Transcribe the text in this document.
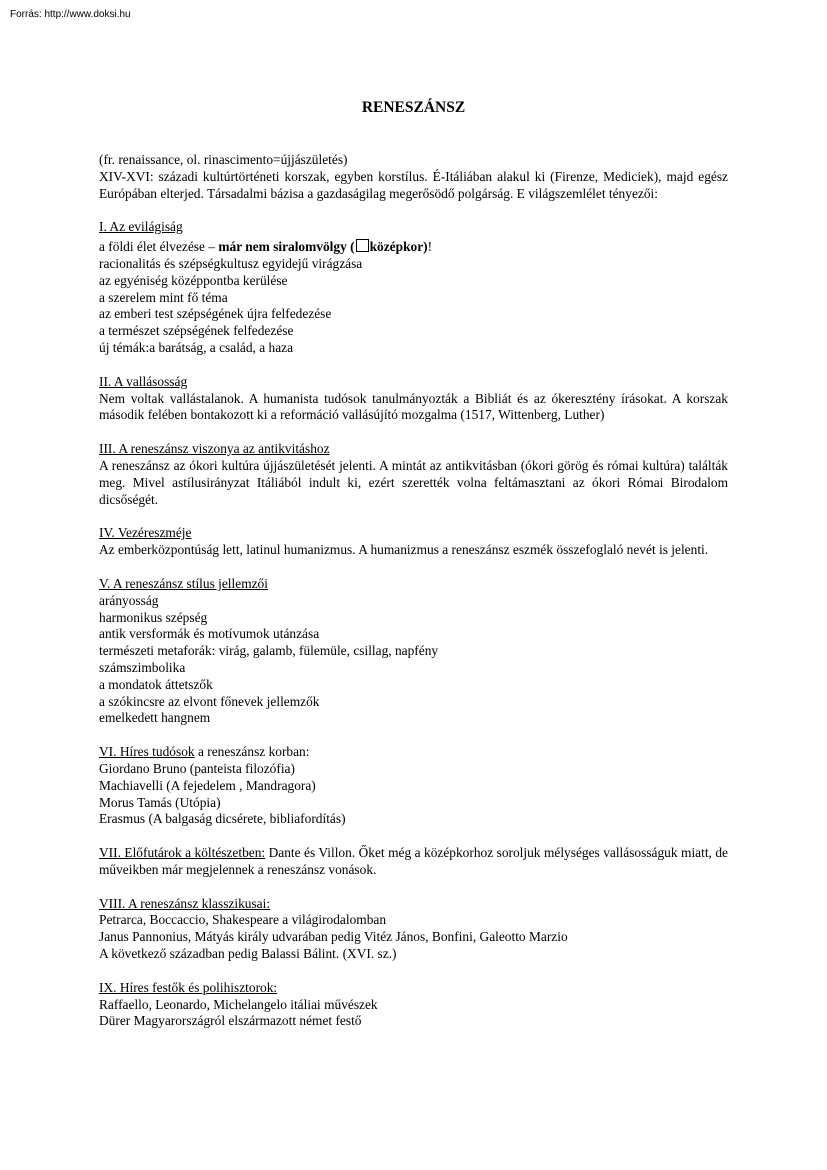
Forrás: http://www.doksi.hu
RENESZÁNSZ

(fr. renaissance, ol. rinascimento=újjászületés)

XIV-XVI: századi kultúrtörténeti korszak, egyben korstílus. É-Itáliában alakul ki (Firenze, Mediciek), majd egész Európában elterjed. Társadalmi bázisa a gazdaságilag megerősödő polgárság. E világszemlélet tényezői:

I. Az evilágiság

a földi élet élvezése – már nem siralomvölgy ( középkor)!

racionalitás és szépségkultusz egyidejű virágzása
az egyéniség középpontba kerülése
a szerelem mint fő téma
az emberi test szépségének újra felfedezése
a természet szépségének felfedezése
új témák:a barátság, a család, a haza

II. A vallásosság

Nem voltak vallástalanok. A humanista tudósok tanulmányozták a Bibliát és az ókeresztény írásokat. A korszak második felében bontakozott ki a reformáció vallásújító mozgalma (1517, Wittenberg, Luther)

III. A reneszánsz viszonya az antikvitáshoz

A reneszánsz az ókori kultúra újjászületését jelenti. A mintát az antikvitásban (ókori görög és római kultúra) találták meg. Mivel astílusirányzat Itáliából indult ki, ezért szerették volna feltámasztani az ókori Római Birodalom dicsőségét.

IV. Vezéreszméje

Az emberközpontúság lett, latinul humanizmus. A humanizmus a reneszánsz eszmék összefoglaló nevét is jelenti.

V. A reneszánsz stílus jellemzői

arányosság
harmonikus szépség
antik versformák és motívumok utánzása
természeti metaforák: virág, galamb, fülemüle, csillag, napfény
számszimbolika
a mondatok áttetszők
a szókincsre az elvont főnevek jellemzők
emelkedett hangnem

VI. Híres tudósok a reneszánsz korban:

Giordano Bruno (panteista filozófia)
Machiavelli (A fejedelem , Mandragora)
Morus Tamás (Utópia)
Erasmus (A balgaság dicsérete, bibliafordítás)

VII. Előfutárok a költészetben: Dante és Villon. Őket még a középkorhoz soroljuk mélységes vallásosságuk miatt, de műveikben már megjelennek a reneszánsz vonások.

VIII. A reneszánsz klasszikusai:

Petrarca, Boccaccio, Shakespeare a világirodalomban
Janus Pannonius, Mátyás király udvarában pedig Vitéz János, Bonfini, Galeotto Marzio
A következő században pedig Balassi Bálint. (XVI. sz.)

IX. Híres festők és polihisztorok:

Raffaello, Leonardo, Michelangelo itáliai művészek
Dürer Magyarországról elszármazott német festő
